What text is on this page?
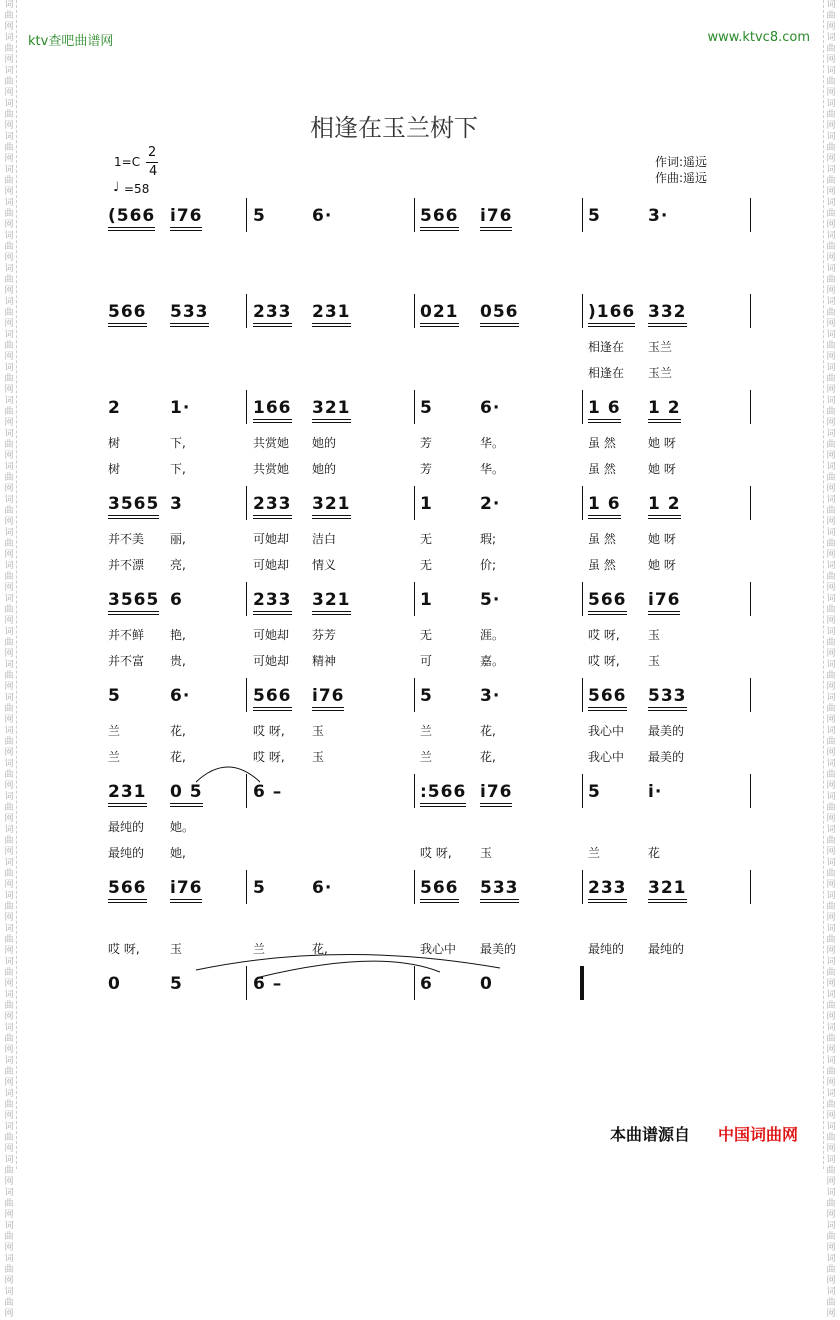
词曲网词曲网词曲网词曲网词曲网词曲网词曲网词曲网词曲网词曲网词曲网词曲网词曲网词曲网词曲网词曲网词曲网词曲网词曲网词曲网词曲网词曲网词曲网词曲网词曲网词曲网词曲网词曲网词曲网词曲网词曲网词曲网词曲网词曲网词曲网词曲网词曲网词曲网词曲网词曲网
词曲网词曲网词曲网词曲网词曲网词曲网词曲网词曲网词曲网词曲网词曲网词曲网词曲网词曲网词曲网词曲网词曲网词曲网词曲网词曲网词曲网词曲网词曲网词曲网词曲网词曲网词曲网词曲网词曲网词曲网词曲网词曲网词曲网词曲网词曲网词曲网词曲网词曲网词曲网词曲网
ktv查吧曲谱网	www.ktvc8.com
相逢在玉兰树下
1=C
2
4
♩ =58
作词:遥远
作曲:遥远
(566 i76	5	6·	566 i76	5	3·
566 533	233 231	021 056	)166 332
相逢在 玉兰
相逢在 玉兰
2	1·	166 321	5	6·	1 6 1 2
树	下,	共赏她 她的	芳	华。	虽 然	她 呀
树	下,	共赏她 她的	芳	华。	虽 然	她 呀
3565 3	233 321	1	2·	1 6 1 2
并不美 丽,	可她却 洁白	无	瑕;	虽 然	她 呀
并不漂 亮,	可她却 情义	无	价;	虽 然	她 呀
3565 6	233 321	1	5·	566 i76
并不鲜 艳,	可她却 芬芳	无	涯。	哎 呀, 玉
并不富 贵,	可她却 精神	可	嘉。	哎 呀, 玉
5	6·	566 i76	5	3·	566 533
兰	花,	哎 呀, 玉	兰	花,	我心中 最美的
兰	花,	哎 呀, 玉	兰	花,	我心中 最美的
231 0 5	6 –	:566 i76	5	i·
最纯的 她。
最纯的 她,	哎 呀, 玉	兰	花
566 i76	5	6·	566 533	233 321
哎 呀,	玉	兰	花,	我心中 最美的	最纯的 最纯的
0	5	6 –	6	0
本曲谱源自 中国词曲网
